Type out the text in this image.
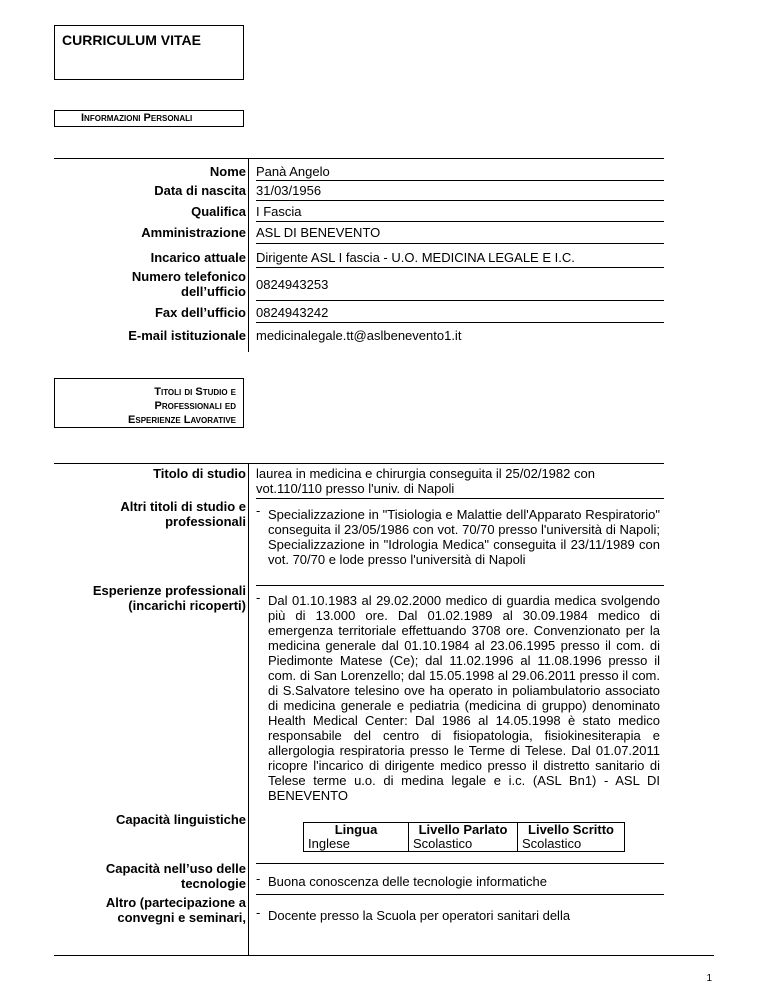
CURRICULUM VITAE
Informazioni Personali
Nome Panà Angelo
Data di nascita 31/03/1956
Qualifica I Fascia
Amministrazione ASL DI BENEVENTO
Incarico attuale Dirigente ASL I fascia - U.O. MEDICINA LEGALE E I.C.
Numero telefonico dell’ufficio 0824943253
Fax dell’ufficio 0824943242
E-mail istituzionale medicinalegale.tt@aslbenevento1.it
Titoli di Studio e
Professionali ed
Esperienze Lavorative
Titolo di studio laurea in medicina e chirurgia conseguita il 25/02/1982 con vot.110/110 presso l'univ. di Napoli
Altri titoli di studio e professionali
- Specializzazione in "Tisiologia e Malattie dell'Apparato Respiratorio" conseguita il 23/05/1986 con vot. 70/70 presso l'università di Napoli; Specializzazione in "Idrologia Medica" conseguita il 23/11/1989 con vot. 70/70 e lode presso l'università di Napoli
Esperienze professionali (incarichi ricoperti)
- Dal 01.10.1983 al 29.02.2000 medico di guardia medica svolgendo più di 13.000 ore. Dal 01.02.1989 al 30.09.1984 medico di emergenza territoriale effettuando 3708 ore. Convenzionato per la medicina generale dal 01.10.1984 al 23.06.1995 presso il com. di Piedimonte Matese (Ce); dal 11.02.1996 al 11.08.1996 presso il com. di San Lorenzello; dal 15.05.1998 al 29.06.2011 presso il com. di S.Salvatore telesino ove ha operato in poliambulatorio associato di medicina generale e pediatria (medicina di gruppo) denominato Health Medical Center: Dal 1986 al 14.05.1998 è stato medico responsabile del centro di fisiopatologia, fisiokinesiterapia e allergologia respiratoria presso le Terme di Telese. Dal 01.07.2011 ricopre l'incarico di dirigente medico presso il distretto sanitario di Telese terme u.o. di medina legale e i.c. (ASL Bn1) - ASL DI BENEVENTO
Capacità linguistiche
Lingua	Livello Parlato	Livello Scritto
Inglese	Scolastico	Scolastico
Capacità nell’uso delle tecnologie - Buona conoscenza delle tecnologie informatiche
Altro (partecipazione a convegni e seminari, - Docente presso la Scuola per operatori sanitari della
1
